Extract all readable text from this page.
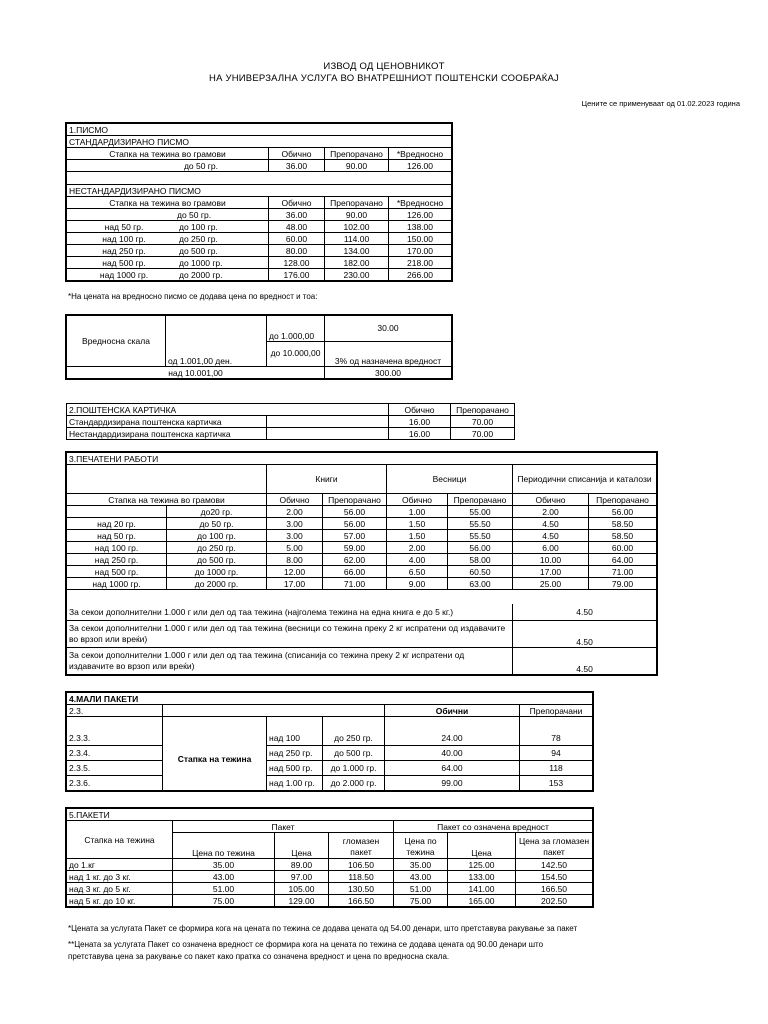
ИЗВОД ОД ЦЕНОВНИКОТ
НА УНИВЕРЗАЛНА УСЛУГА ВО ВНАТРЕШНИОТ ПОШТЕНСКИ СООБРАЌАЈ
Цените се применуваат од 01.02.2023 година
1.ПИСМО			
СТАНДАРДИЗИРАНО ПИСМО			
Стапка на тежина во грамови	Обично	Препорачано	*Вредносно
до 50 гр.	36.00	90.00	126.00

НЕСТАНДАРДИЗИРАНО ПИСМО			
Стапка на тежина во грамови	Обично	Препорачано	*Вредносно
до 50 гр.	36.00	90.00	126.00
над 50 гр. до 100 гр.	48.00	102.00	138.00
над 100 гр. до 250 гр.	60.00	114.00	150.00
над 250 гр. до 500 гр.	80.00	134.00	170.00
над 500 гр. до 1000 гр.	128.00	182.00	218.00
над 1000 гр. до 2000 гр.	176.00	230.00	266.00
*На цената на вредносно писмо се додава цена по вредност и тоа:
Вредносна скала		до 1.000,00	30.00
	од 1.001,00 ден.	до 10.000,00	3% од назначена вредност
над 10.001,00			300.00
2.ПОШТЕНСКА КАРТИЧКА		Обично	Препорачано
Стандардизирана поштенска картичка		16.00	70.00
Нестандардизирана поштенска картичка		16.00	70.00
3.ПЕЧАТЕНИ РАБОТИ							
		Книги		Весници		Периодични списанија и каталози	
Стапка на тежина во грамови		Обично	Препорачано	Обично	Препорачано	Обично	Препорачано
	до20 гр.	2.00	56.00	1.00	55.00	2.00	56.00
над 20 гр.	до 50 гр.	3.00	56.00	1.50	55.50	4.50	58.50
над 50 гр.	до 100 гр.	3.00	57.00	1.50	55.50	4.50	58.50
над 100 гр.	до 250 гр.	5.00	59.00	2.00	56.00	6.00	60.00
над 250 гр.	до 500 гр.	8.00	62.00	4.00	58.00	10.00	64.00
над 500 гр.	до 1000 гр.	12.00	66.00	6.50	60.50	17.00	71.00
над 1000 гр.	до 2000 гр.	17.00	71.00	9.00	63.00	25.00	79.00

За секои дополнителни 1.000 г или дел од таа тежина (најголема тежина на една книга е до 5 кг.)						4.50	
За секои дополнителни 1.000 г или дел од таа тежина (весници со тежина преку 2 кг испратени од издавачите во врзоп или вреќи)						4.50	
За секои дополнителни 1.000 г или дел од таа тежина (списанија со тежина преку 2 кг испратени од издавачите во врзоп или вреќи)						4.50	
4.МАЛИ ПАКЕТИ					
2.3.				Обични	Препорачани
	Стапка на тежина				
2.3.3.		над 100	до 250 гр.	24.00	78
2.3.4.		над 250 гр.	до 500 гр.	40.00	94
2.3.5.		над 500 гр.	до 1.000 гр.	64.00	118
2.3.6.		над 1.00 гр.	до 2.000 гр.	99.00	153
5.ПАКЕТИ						
Стапка на тежина	Пакет			Пакет со означена вредност		
			гломазен пакет	Цена по тежина		Цена за гломазен пакет
	Цена по тежина	Цена			Цена	
до 1.кг	35.00	89.00	106.50	35.00	125.00	142.50
над 1 кг. до 3 кг.	43.00	97.00	118.50	43.00	133.00	154.50
над 3 кг. до 5 кг.	51.00	105.00	130.50	51.00	141.00	166.50
над 5 кг. до 10 кг.	75.00	129.00	166.50	75.00	165.00	202.50
*Цената за услугата Пакет се формира кога на цената по тежина се додава цената од 54.00 денари, што претставува ракување за пакет
**Цената за услугата Пакет со означена вредност се формира кога на цената по тежина се додава цената од 90.00 денари што
претставува цена за ракување со пакет како пратка со означена вредност и цена по вредносна скала.
